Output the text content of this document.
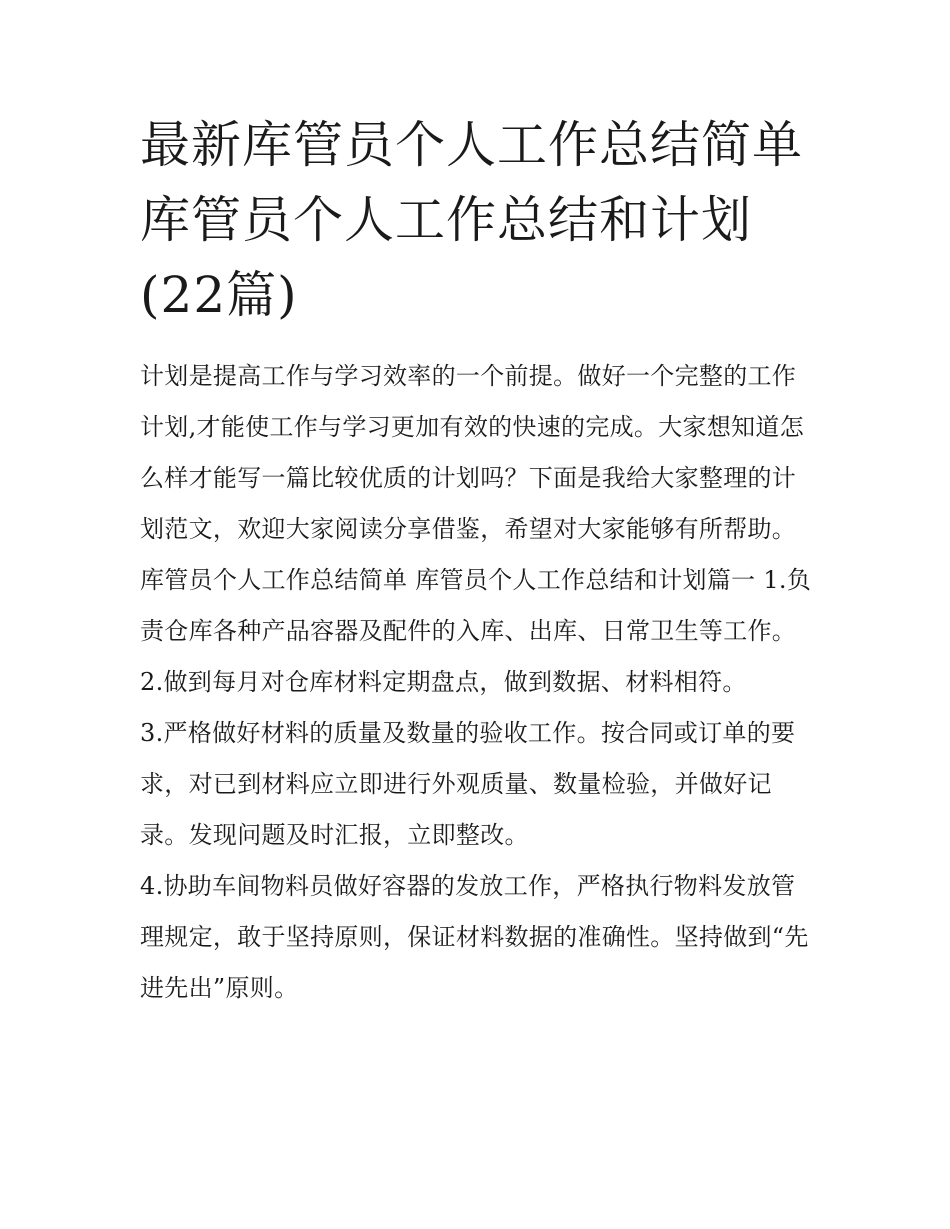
最新库管员个人工作总结简单 库管员个人工作总结和计划(22篇)

计划是提高工作与学习效率的一个前提。做好一个完整的工作计划,才能使工作与学习更加有效的快速的完成。大家想知道怎么样才能写一篇比较优质的计划吗？下面是我给大家整理的计划范文，欢迎大家阅读分享借鉴，希望对大家能够有所帮助。

库管员个人工作总结简单 库管员个人工作总结和计划篇一 1.负责仓库各种产品容器及配件的入库、出库、日常卫生等工作。

2.做到每月对仓库材料定期盘点，做到数据、材料相符。

3.严格做好材料的质量及数量的验收工作。按合同或订单的要求，对已到材料应立即进行外观质量、数量检验，并做好记录。发现问题及时汇报，立即整改。

4.协助车间物料员做好容器的发放工作，严格执行物料发放管理规定，敢于坚持原则，保证材料数据的准确性。坚持做到“先进先出”原则。
